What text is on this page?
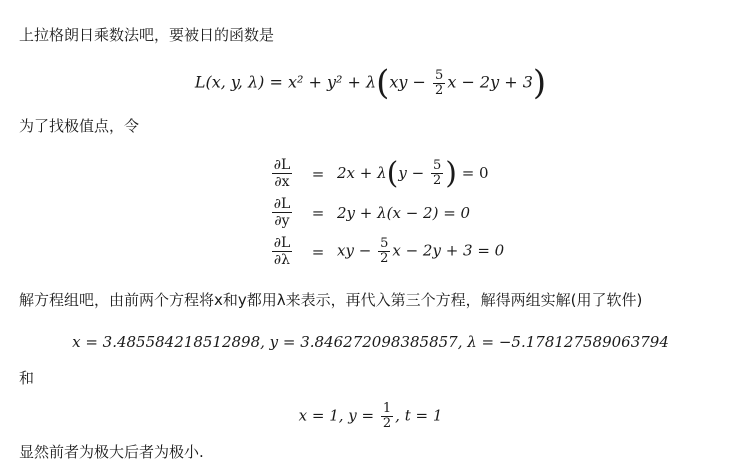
上拉格朗日乘数法吧，要被日的函数是
L(x, y, $\lambda) = x^2 + y^2 + \lambda(xy - \frac{5}{2}$ x − 2y + 3)
为了找极值点，令
$\frac{\partial L}{\partial x}$	= $2x + \lambda(y - \frac{5}{2}$ ) = 0
$\frac{\partial L}{\partial y}$	= 2y + λ(x − 2) = 0
$\frac{\partial L}{\partial\lambda}$	= xy − $\frac{5}{2}$ x − 2y + 3 = 0
解方程组吧，由前两个方程将x和y都用λ来表示，再代入第三个方程，解得两组实解(用了软件)
x = 3.485584218512898, y = 3.846272098385857, λ = −5.178127589063794
和
x = 1, $y = \frac{1}{2}$ , t = 1
显然前者为极大后者为极小.
